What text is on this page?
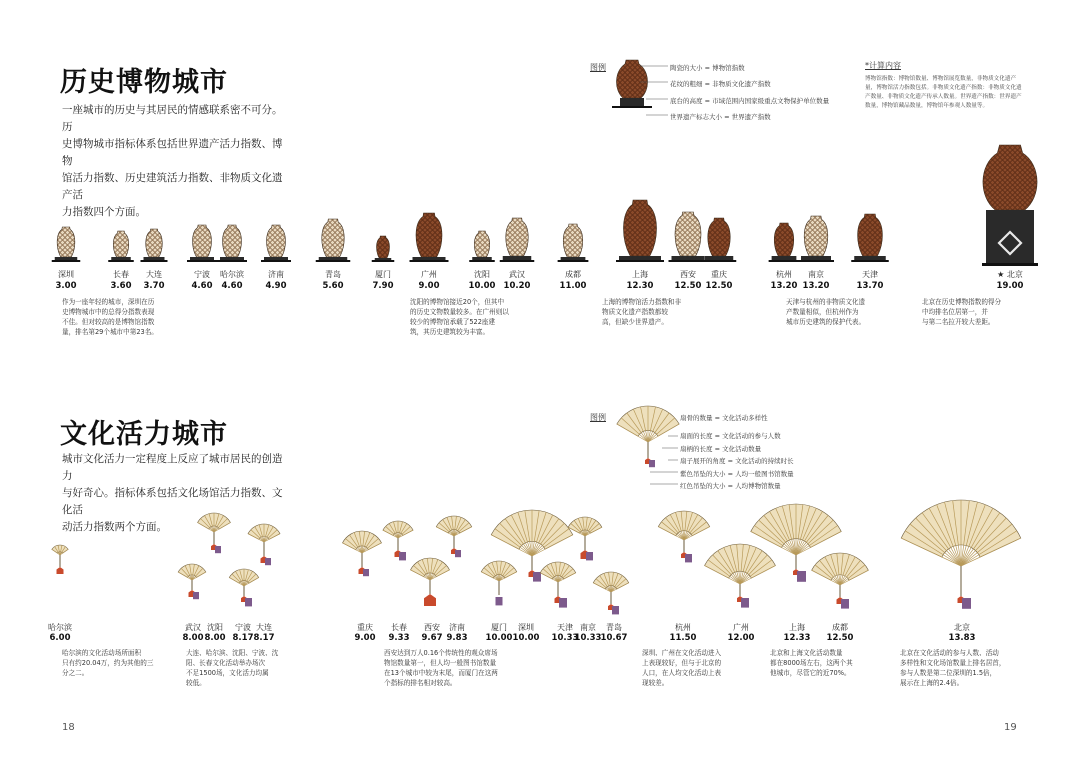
历史博物城市
一座城市的历史与其居民的情感联系密不可分。历
史博物城市指标体系包括世界遗产活力指数、博物
馆活力指数、历史建筑活力指数、非物质文化遗产活
力指数四个方面。
图例	陶瓷的大小 = 博物馆指数
花纹的粗细 = 非物质文化遗产指数
底台的高度 = 市域范围内国家级重点文物保护单位数量
世界遗产标志大小 = 世界遗产指数
*计算内容
博物馆指数：博物馆数量、博物馆展览数量，非物质文化遗产
量，博物馆活力指数包括。非物质文化遗产指数：非物质文化遗
产数量、非物质文化遗产传承人数量。世界遗产指数：世界遗产
数量，博物馆藏品数量，博物馆年参观人数量等。
作为一座年轻的城市，深圳在历
史博物城市中的总得分指数表现
不佳。但对较高的是博物馆指数
量，排名第29个城市中第23名。
沈阳的博物馆接近20个，但其中
的历史文物数量较多。在广州则以
较少的博物馆承载了522座建
筑，其历史建筑较为丰富。
上海的博物馆活力指数和非
物质文化遗产指数都较
高，但缺少世界遗产。
天津与杭州的非物质文化遗
产数量相似，但杭州作为
城市历史建筑的保护代表。
北京在历史博物指数的得分
中均排名位居第一，并
与第二名拉开较大差距。
文化活力城市
城市文化活力一定程度上反应了城市居民的创造力
与好奇心。指标体系包括文化场馆活力指数、文化活
动活力指数两个方面。
图例	扇骨的数量 = 文化活动多样性
扇面的长度 = 文化活动的参与人数
扇柄的长度 = 文化活动数量
扇子展开的角度 = 文化活动的持续时长
紫色吊坠的大小 = 人均一般图书馆数量
红色吊坠的大小 = 人均博物馆数量
哈尔滨的文化活动场所面积
只有约20.04万，约为其他的三
分之二。
大连、哈尔滨、沈阳、宁波、沈
阳、长春文化活动举办场次
不足1500场，文化活力均属
较低。
西安达到万人0.16个传统性的观众席场
物馆数量第一，但人均一般图书馆数量
在13个城市中较为末尾，而厦门在这两
个指标的排名相对较高。
深圳、广州在文化活动进入
上表现较好，但与于北京的
人口，在人均文化活动上表
现较差。
北京和上海文化活动数量
都在8000场左右，这两个其
他城市，尽管它的近70%。
北京在文化活动的参与人数、活动
多样性和文化场馆数量上排名居首，
参与人数是第二位深圳的1.5倍，
展示在上海的2.4倍。
18	19
深圳
3.00
长春
3.60
大连
3.70
宁波
4.60
哈尔滨
4.60
济南
4.90
青岛
5.60
厦门
7.90
广州
9.00
沈阳
10.00
武汉
10.20
成都
11.00
上海
12.30
西安
12.50
重庆
12.50
杭州
13.20
南京
13.20
天津
13.70
★ 北京
19.00
哈尔滨
6.00
武汉
8.00
沈阳
8.00
宁波
8.17
大连
8.17
重庆
9.00
长春
9.33
西安
9.67
济南
9.83
厦门
10.00
深圳
10.00
天津
10.33
南京
10.33
青岛
10.67
杭州
11.50
广州
12.00
上海
12.33
成都
12.50
北京
13.83
